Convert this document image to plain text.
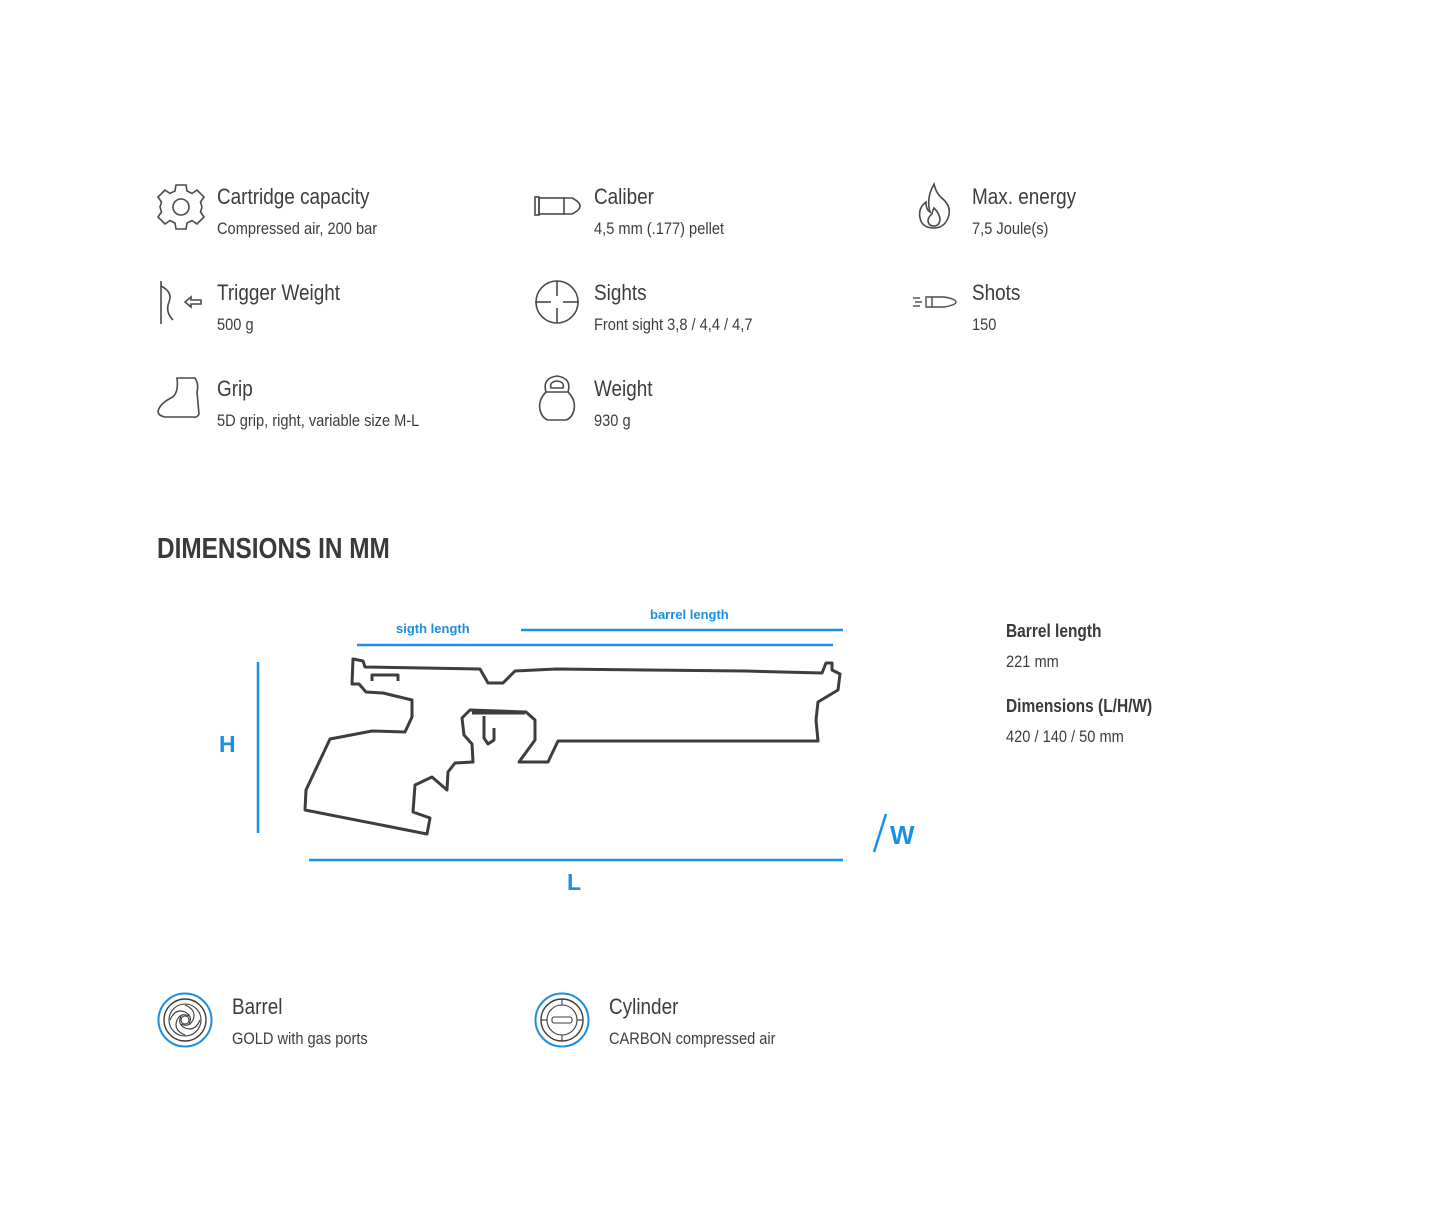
Cartridge capacity
Compressed air, 200 bar
Caliber
4,5 mm (.177) pellet
Max. energy
7,5 Joule(s)
Trigger Weight
500 g
Sights
Front sight 3,8 / 4,4 / 4,7
Shots
150
Grip
5D grip, right, variable size M-L
Weight
930 g
DIMENSIONS IN MM
sigth length
barrel length
H
L
W
Barrel length
221 mm
Dimensions (L/H/W)
420 / 140 / 50 mm
Barrel
GOLD with gas ports
Cylinder
CARBON compressed air
